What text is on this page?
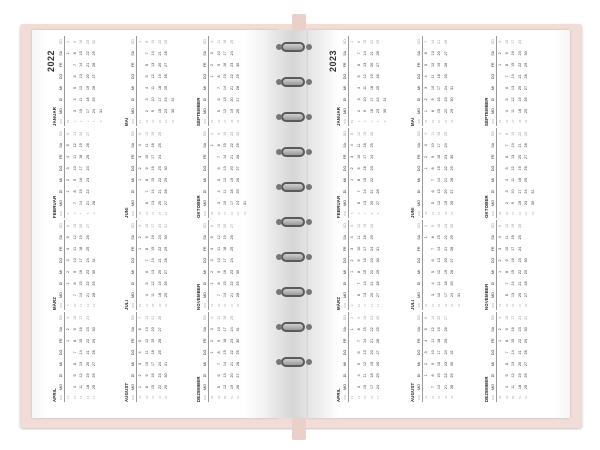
2022
JANUAR KW
MO
DI
MI
DO
FR
SA
SO
52
1
2
1
3
4
5
6
7
8
9
2
10
11
12
13
14
15
16
3
17
18
19
20
21
22
23
4
24
25
26
27
28
29
30
5
31
FEBRUAR KW
MO
DI
MI
DO
FR
SA
SO
5
1
2
3
4
5
6
6
7
8
9
10
11
12
13
7
14
15
16
17
18
19
20
8
21
22
23
24
25
26
27
9
28
MÄRZ KW
MO
DI
MI
DO
FR
SA
SO
9
1
2
3
4
5
6
10
7
8
9
10
11
12
13
11
14
15
16
17
18
19
20
12
21
22
23
24
25
26
27
13
28
29
30
31
APRIL KW
MO
DI
MI
DO
FR
SA
SO
13
1
2
3
14
4
5
6
7
8
9
10
15
11
12
13
14
15
16
17
16
18
19
20
21
22
23
24
17
25
26
27
28
29
30
MAI KW
MO
DI
MI
DO
FR
SA
SO
17
1
18
2
3
4
5
6
7
8
19
9
10
11
12
13
14
15
20
16
17
18
19
20
21
22
21
23
24
25
26
27
28
29
22
30
31
JUNI KW
MO
DI
MI
DO
FR
SA
SO
22
1
2
3
4
5
23
6
7
8
9
10
11
12
24
13
14
15
16
17
18
19
25
20
21
22
23
24
25
26
26
27
28
29
30
JULI KW
MO
DI
MI
DO
FR
SA
SO
26
1
2
3
27
4
5
6
7
8
9
10
28
11
12
13
14
15
16
17
29
18
19
20
21
22
23
24
30
25
26
27
28
29
30
31
AUGUST KW
MO
DI
MI
DO
FR
SA
SO
31
1
2
3
4
5
6
7
32
8
9
10
11
12
13
14
33
15
16
17
18
19
20
21
34
22
23
24
25
26
27
28
35
29
30
31
SEPTEMBER KW
MO
DI
MI
DO
FR
SA
SO
35
1
2
3
4
36
5
6
7
8
9
10
11
37
12
13
14
15
16
17
18
38
19
20
21
22
23
24
25
39
26
27
28
29
30
OKTOBER KW
MO
DI
MI
DO
FR
SA
SO
39
1
2
40
3
4
5
6
7
8
9
41
10
11
12
13
14
15
16
42
17
18
19
20
21
22
23
43
24
25
26
27
28
29
30
44
31
NOVEMBER KW
MO
DI
MI
DO
FR
SA
SO
44
1
2
3
4
5
6
45
7
8
9
10
11
12
13
46
14
15
16
17
18
19
20
47
21
22
23
24
25
26
27
48
28
29
30
DEZEMBER KW
MO
DI
MI
DO
FR
SA
SO
48
1
2
3
4
49
5
6
7
8
9
10
11
50
12
13
14
15
16
17
18
51
19
20
21
22
23
24
25
52
26
27
28
29
30
31
2023
JANUAR KW
MO
DI
MI
DO
FR
SA
SO
52
1
1
2
3
4
5
6
7
8
2
9
10
11
12
13
14
15
3
16
17
18
19
20
21
22
4
23
24
25
26
27
28
29
5
30
31
FEBRUAR KW
MO
DI
MI
DO
FR
SA
SO
5
1
2
3
4
5
6
6
7
8
9
10
11
12
7
13
14
15
16
17
18
19
8
20
21
22
23
24
25
26
9
27
28
MÄRZ KW
MO
DI
MI
DO
FR
SA
SO
9
1
2
3
4
5
10
6
7
8
9
10
11
12
11
13
14
15
16
17
18
19
12
20
21
22
23
24
25
26
13
27
28
29
30
31
APRIL KW
MO
DI
MI
DO
FR
SA
SO
13
1
2
14
3
4
5
6
7
8
9
15
10
11
12
13
14
15
16
16
17
18
19
20
21
22
23
17
24
25
26
27
28
29
30
MAI KW
MO
DI
MI
DO
FR
SA
SO
18
1
2
3
4
5
6
7
19
8
9
10
11
12
13
14
20
15
16
17
18
19
20
21
21
22
23
24
25
26
27
28
22
29
30
31
JUNI KW
MO
DI
MI
DO
FR
SA
SO
22
1
2
3
4
23
5
6
7
8
9
10
11
24
12
13
14
15
16
17
18
25
19
20
21
22
23
24
25
26
26
27
28
29
30
JULI KW
MO
DI
MI
DO
FR
SA
SO
26
1
2
27
3
4
5
6
7
8
9
28
10
11
12
13
14
15
16
29
17
18
19
20
21
22
23
30
24
25
26
27
28
29
30
31
31
AUGUST KW
MO
DI
MI
DO
FR
SA
SO
31
1
2
3
4
5
6
32
7
8
9
10
11
12
13
33
14
15
16
17
18
19
20
34
21
22
23
24
25
26
27
35
28
29
30
31
SEPTEMBER KW
MO
DI
MI
DO
FR
SA
SO
35
1
2
3
36
4
5
6
7
8
9
10
37
11
12
13
14
15
16
17
38
18
19
20
21
22
23
24
39
25
26
27
28
29
30
OKTOBER KW
MO
DI
MI
DO
FR
SA
SO
39
1
40
2
3
4
5
6
7
8
41
9
10
11
12
13
14
15
42
16
17
18
19
20
21
22
43
23
24
25
26
27
28
29
44
30
31
NOVEMBER KW
MO
DI
MI
DO
FR
SA
SO
44
1
2
3
4
5
45
6
7
8
9
10
11
12
46
13
14
15
16
17
18
19
47
20
21
22
23
24
25
26
48
27
28
29
30
DEZEMBER KW
MO
DI
MI
DO
FR
SA
SO
48
1
2
3
49
4
5
6
7
8
9
10
50
11
12
13
14
15
16
17
51
18
19
20
21
22
23
24
52
25
26
27
28
29
30
31
